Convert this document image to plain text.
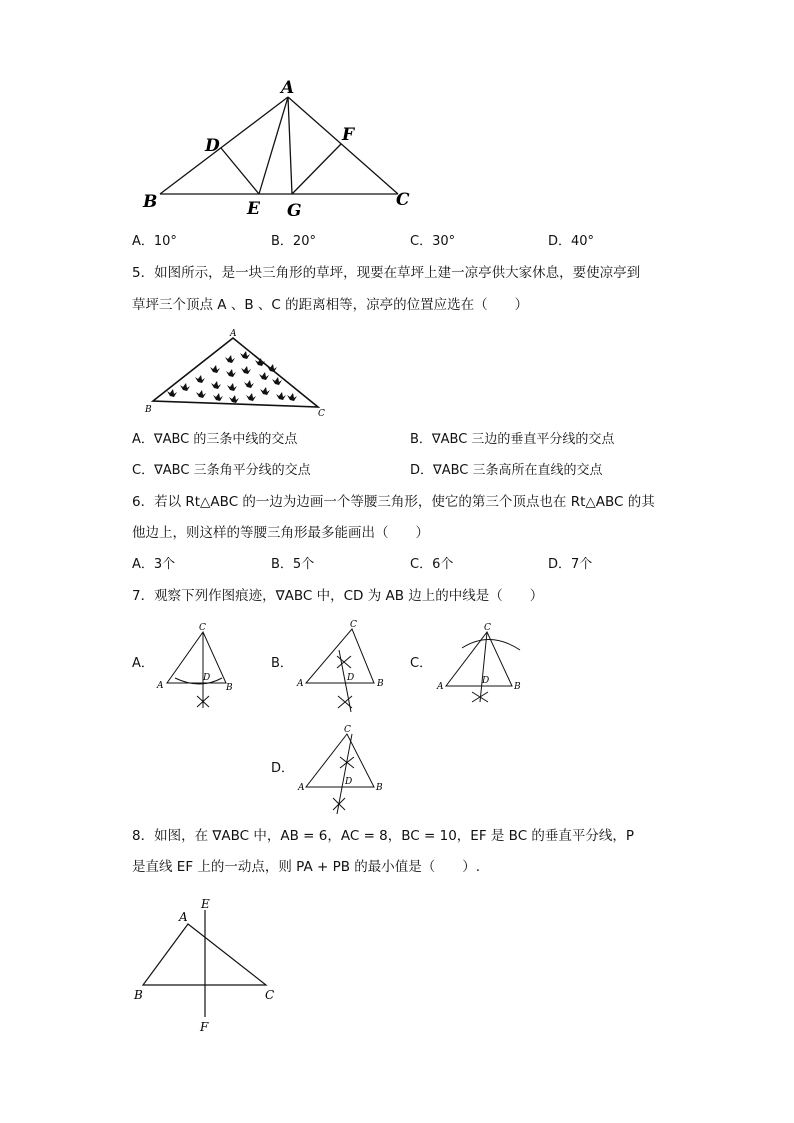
A
B	C
D
E G
F
A．10°	B．20°	C．30°	D．40°
5．如图所示，是一块三角形的草坪，现要在草坪上建一凉亭供大家休息，要使凉亭到
草坪三个顶点 A 、B 、C 的距离相等，凉亭的位置应选在（　　）
A
B	C
A．∇ABC 的三条中线的交点	B．∇ABC 三边的垂直平分线的交点
C．∇ABC 三条角平分线的交点	D．∇ABC 三条高所在直线的交点
6．若以 Rt△ABC 的一边为边画一个等腰三角形，使它的第三个顶点也在 Rt△ABC 的其
他边上，则这样的等腰三角形最多能画出（　　）
A．3个	B．5个	C．6个	D．7个
7．观察下列作图痕迹，∇ABC 中，CD 为 AB 边上的中线是（　　）
A．
C
A	B
D
B．
C
A	B
D
C．
C
A	B
D
D．
C
A	B
D
8．如图，在 ∇ABC 中，AB = 6，AC = 8，BC = 10，EF 是 BC 的垂直平分线，P
是直线 EF 上的一动点，则 PA + PB 的最小值是（　　）.
A
B	C
E
F
